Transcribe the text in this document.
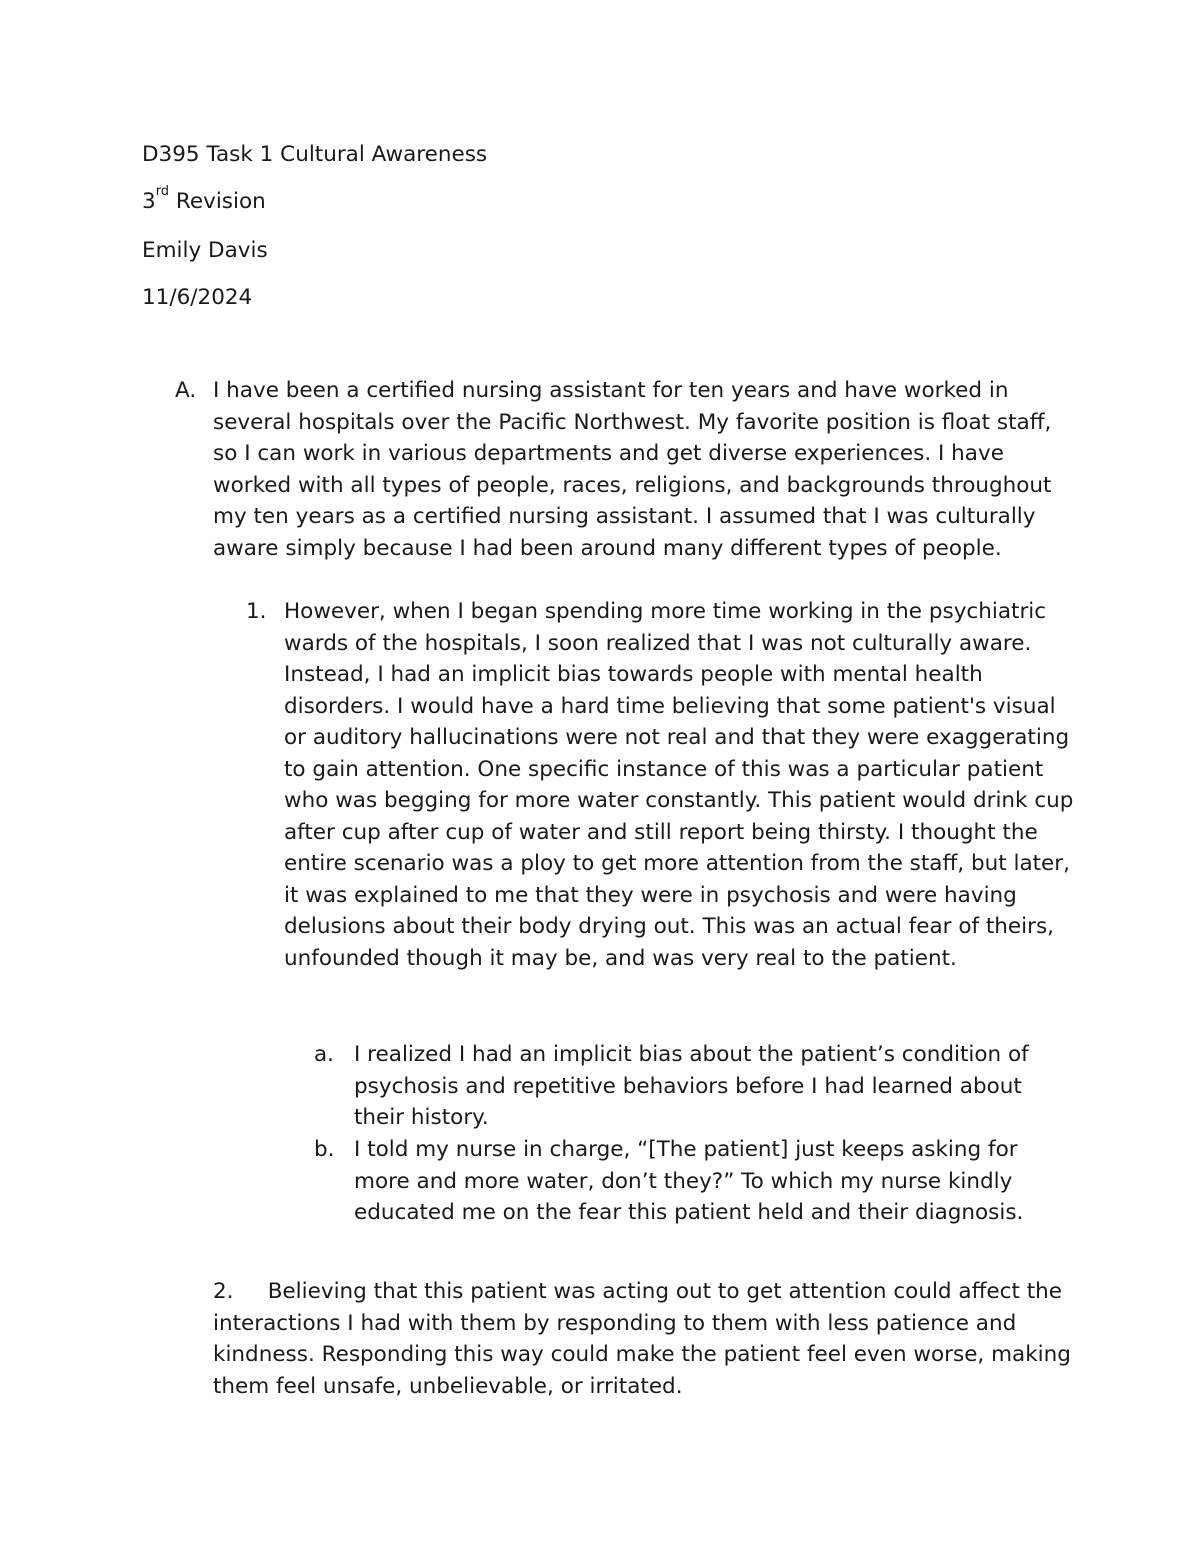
D395 Task 1 Cultural Awareness
3rd Revision
Emily Davis
11/6/2024
A. I have been a certified nursing assistant for ten years and have worked in several hospitals over the Pacific Northwest. My favorite position is float staff, so I can work in various departments and get diverse experiences. I have worked with all types of people, races, religions, and backgrounds throughout my ten years as a certified nursing assistant. I assumed that I was culturally aware simply because I had been around many different types of people.
1. However, when I began spending more time working in the psychiatric wards of the hospitals, I soon realized that I was not culturally aware. Instead, I had an implicit bias towards people with mental health disorders. I would have a hard time believing that some patient's visual or auditory hallucinations were not real and that they were exaggerating to gain attention. One specific instance of this was a particular patient who was begging for more water constantly. This patient would drink cup after cup after cup of water and still report being thirsty. I thought the entire scenario was a ploy to get more attention from the staff, but later, it was explained to me that they were in psychosis and were having delusions about their body drying out. This was an actual fear of theirs, unfounded though it may be, and was very real to the patient.
a. I realized I had an implicit bias about the patient’s condition of psychosis and repetitive behaviors before I had learned about their history.
b. I told my nurse in charge, “[The patient] just keeps asking for more and more water, don’t they?” To which my nurse kindly educated me on the fear this patient held and their diagnosis.
2. Believing that this patient was acting out to get attention could affect the interactions I had with them by responding to them with less patience and kindness. Responding this way could make the patient feel even worse, making them feel unsafe, unbelievable, or irritated.
